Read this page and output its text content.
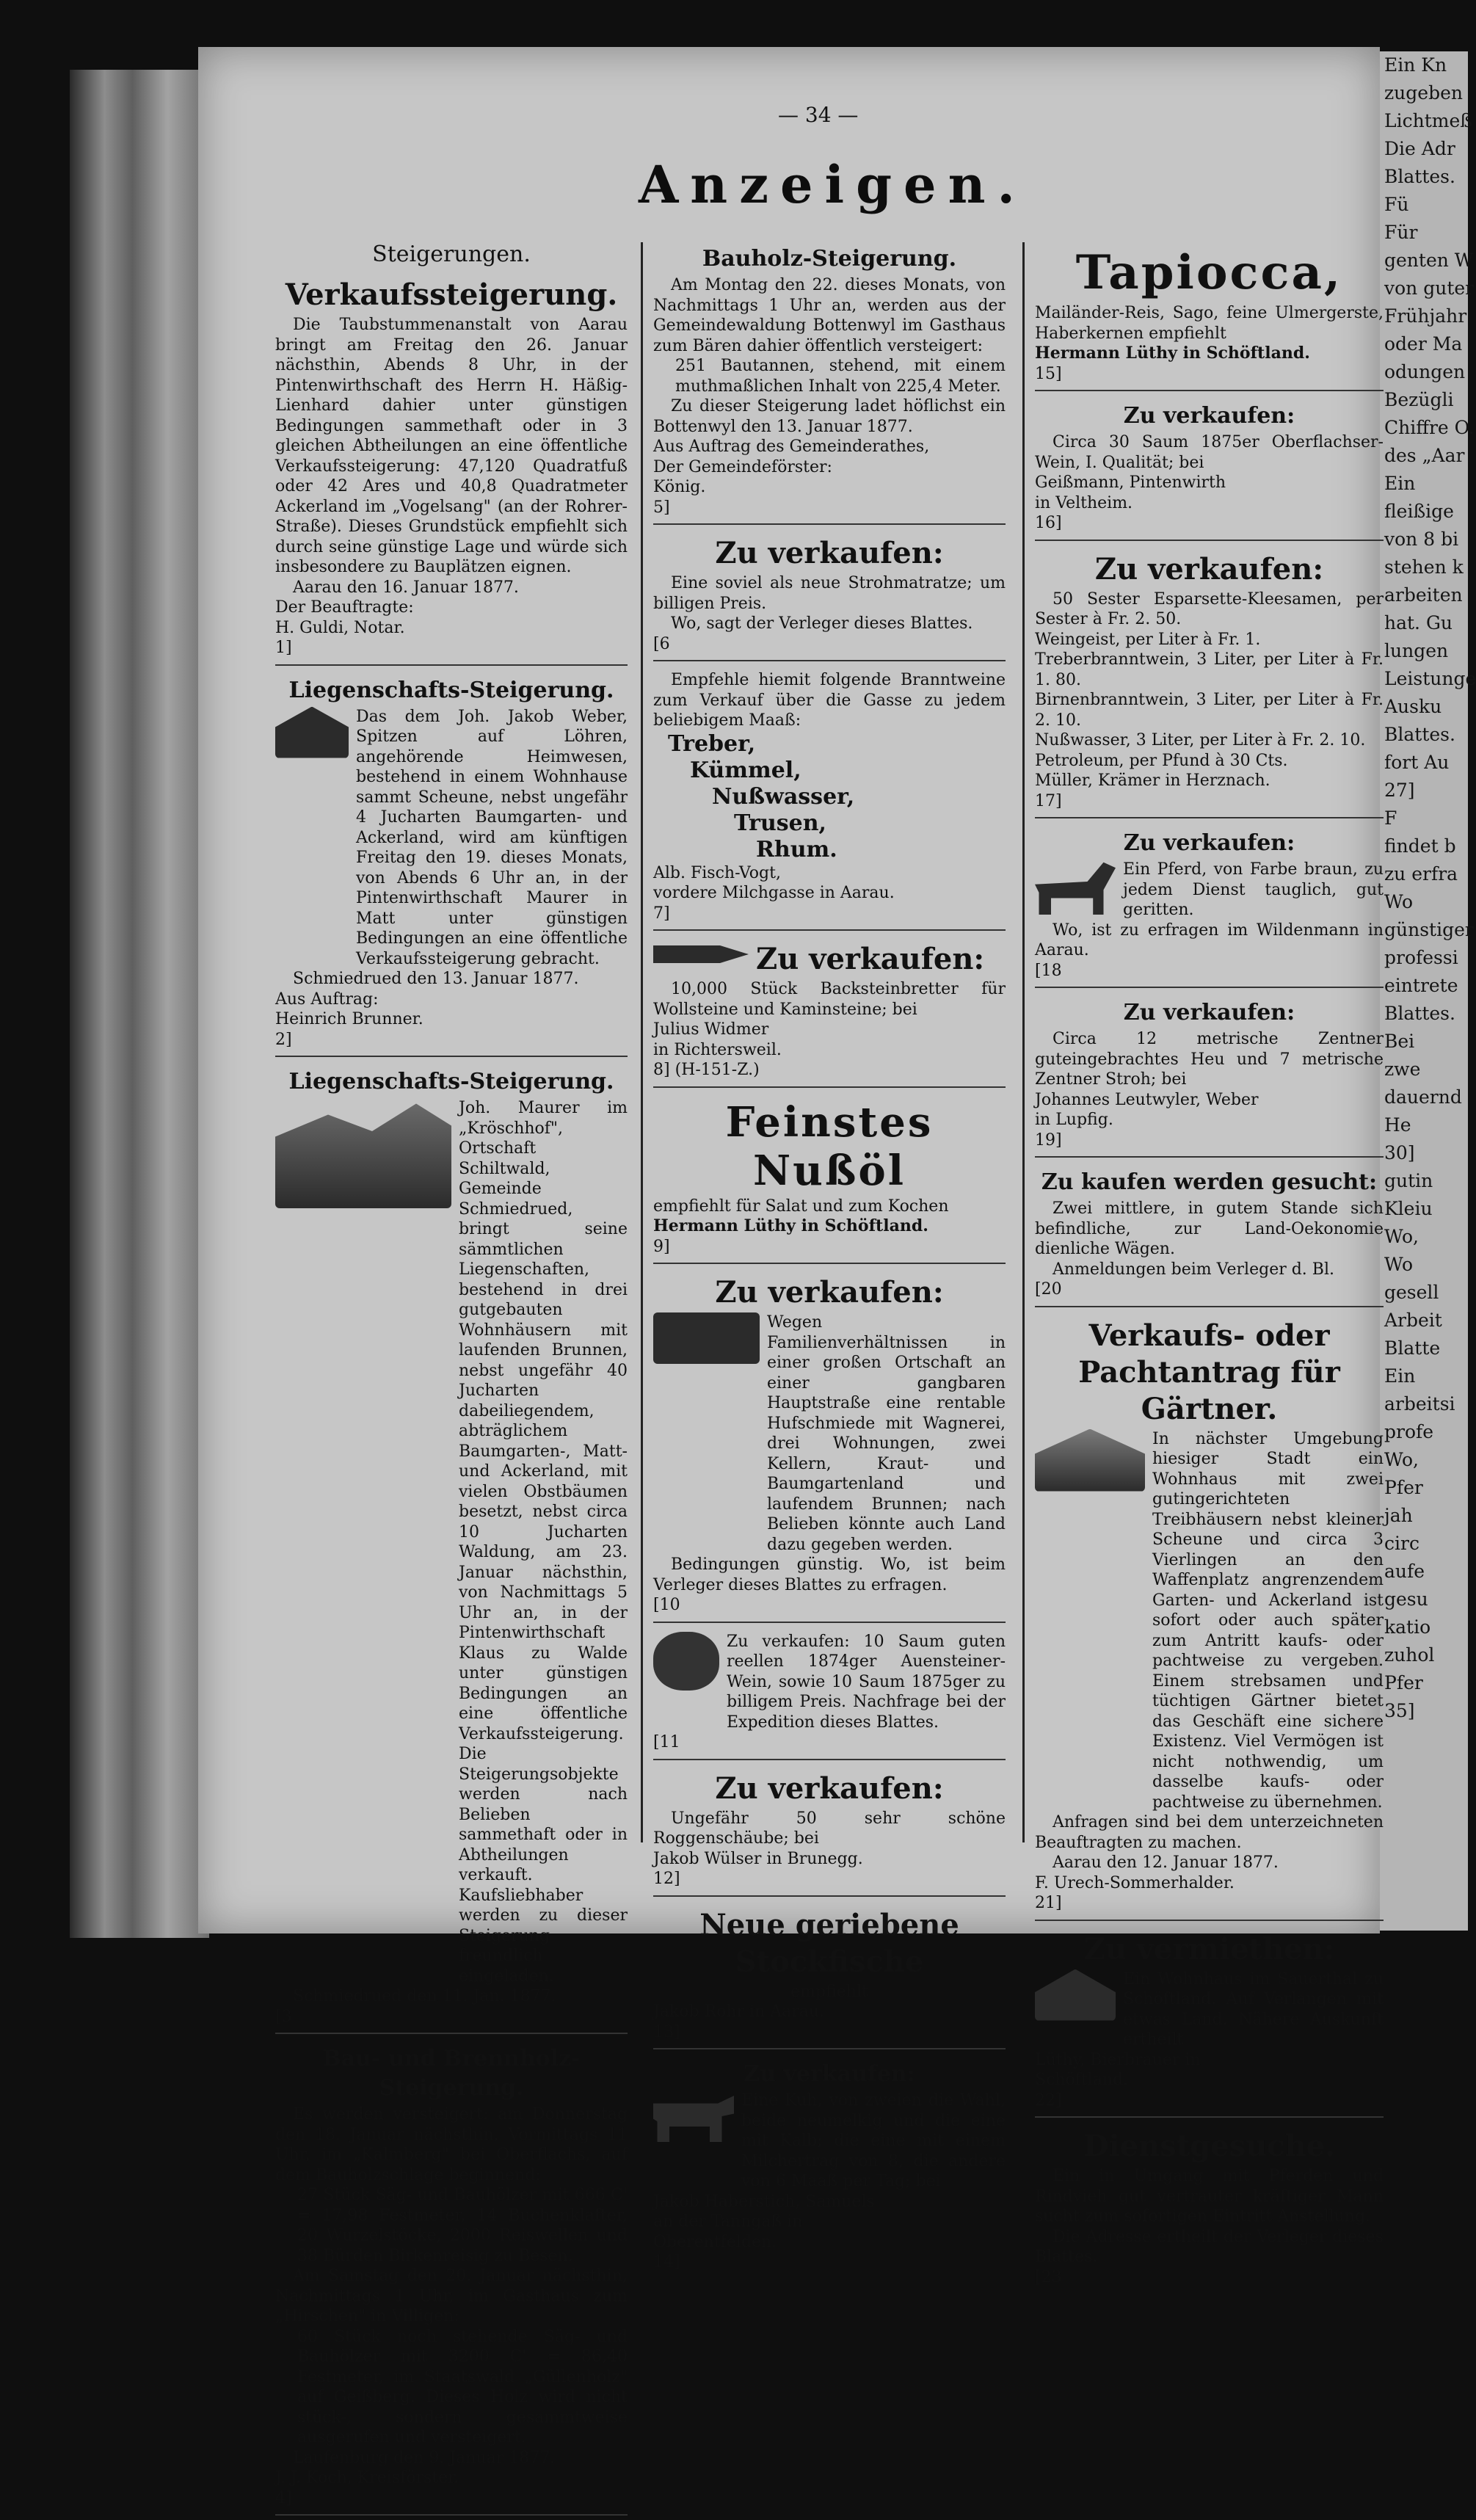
Ein Kn
zugeben
Lichtmeß
Die Adr
Blattes.
Fü
Für
genten W
von guter
Frühjahr
oder Ma
odungen
Bezügli
Chiffre O.
des „Aar
Ein
fleißige
von 8 bi
stehen k
arbeiten
hat. Gu
lungen
Leistunge
Ausku
Blattes.
fort Au
27]
F
findet b
zu erfra
Wo
günstiger
professi
eintrete
Blattes.
Bei
zwe
dauernd
He
30]
gutin
Kleiu
Wo,
Wo
gesell
Arbeit
Blatte
Ein
arbeitsi
profe
Wo,
Pfer
jah
circ
aufe
gesu
katio
zuhol
Pfer
35]
— 34 —
Anzeigen.
Steigerungen.
Verkaufssteigerung.

Die Taubstummenanstalt von Aarau bringt am Freitag den 26. Januar nächsthin, Abends 8 Uhr, in der Pintenwirthschaft des Herrn H. Häßig-Lienhard dahier unter günstigen Bedingungen sammethaft oder in 3 gleichen Abtheilungen an eine öffentliche Verkaufssteigerung: 47,120 Quadratfuß oder 42 Ares und 40,8 Quadratmeter Ackerland im „Vogelsang" (an der Rohrer-Straße). Dieses Grundstück empfiehlt sich durch seine günstige Lage und würde sich insbesondere zu Bauplätzen eignen.

Aarau den 16. Januar 1877.

Der Beauftragte:

H. Guldi, Notar.

1]
Liegenschafts-Steigerung.

Das dem Joh. Jakob Weber, Spitzen auf Löhren, angehörende Heimwesen, bestehend in einem Wohnhause sammt Scheune, nebst ungefähr 4 Jucharten Baumgarten- und Ackerland, wird am künftigen Freitag den 19. dieses Monats, von Abends 6 Uhr an, in der Pintenwirthschaft Maurer in Matt unter günstigen Bedingungen an eine öffentliche Verkaufssteigerung gebracht.

Schmiedrued den 13. Januar 1877.

Aus Auftrag:

Heinrich Brunner.

2]
Liegenschafts-Steigerung.

Joh. Maurer im „Kröschhof", Ortschaft Schiltwald, Gemeinde Schmiedrued, bringt seine sämmtlichen Liegenschaften, bestehend in drei gutgebauten Wohnhäusern mit laufenden Brunnen, nebst ungefähr 40 Jucharten dabeiliegendem, abträglichem Baumgarten-, Matt- und Ackerland, mit vielen Obstbäumen besetzt, nebst circa 10 Jucharten Waldung, am 23. Januar nächsthin, von Nachmittags 5 Uhr an, in der Pintenwirthschaft Klaus zu Walde unter günstigen Bedingungen an eine öffentliche Verkaufssteigerung. Die Steigerungsobjekte werden nach Belieben sammethaft oder in Abtheilungen verkauft. Kaufsliebhaber werden zu dieser Steigerung freundlich eingeladen.

Schmiedrued den 11. Jan. 1877.

[3
Bau- und Brennholz-Steigerung.

Es werden versteigert: am Donnerstag den 18. Januar nächsthin, Vormittags 11 Uhr, im „Kalmberg" bei Oberflachs, auf dem Bauholzschlage beginnend:

27 Stück Säg- und Bauhölzer mit 666 C' = 17,98 Festmeter, 14 Buchenklafter, 20 Wurzelstöcke, 2000 Reiswellen und 38 Bürden Birkenreisig zu Besen.

Am Samstag den 20. Januar nächsthin, Nachmittags 1 Uhr, im Gasthaus zum „Hirschen" in Villigen:

60 Stück noch stehende Säg- und Bauhölzer mit 3200 C' = 86,40 Festmeter, im Staatswald „Güllenholz" auf Geißberg. Dieses Holz wird nicht stück-, sondern gesammtweise ausgerufen und versteigert.

Laufenburg den 9. Januar 1877.

J. J. Koch, Kreisförster.

4]
Bauholz-Steigerung.

Am Montag den 22. dieses Monats, von Nachmittags 1 Uhr an, werden aus der Gemeindewaldung Bottenwyl im Gasthaus zum Bären dahier öffentlich versteigert:

251 Bautannen, stehend, mit einem muthmaßlichen Inhalt von 225,4 Meter.

Zu dieser Steigerung ladet höflichst ein Bottenwyl den 13. Januar 1877.

Aus Auftrag des Gemeinderathes,

Der Gemeindeförster:

König.

5]
Zu verkaufen:

Eine soviel als neue Strohmatratze; um billigen Preis.

Wo, sagt der Verleger dieses Blattes.

[6

Empfehle hiemit folgende Branntweine zum Verkauf über die Gasse zu jedem beliebigem Maaß:

Treber,

Kümmel,

Nußwasser,

Trusen,

Rhum.

Alb. Fisch-Vogt,

vordere Milchgasse in Aarau.

7]
Zu verkaufen:

10,000 Stück Backsteinbretter für Wollsteine und Kaminsteine; bei

Julius Widmer

in Richtersweil.

8] (H-151-Z.)
Feinstes Nußöl

empfiehlt für Salat und zum Kochen

Hermann Lüthy in Schöftland.

9]
Zu verkaufen:

Wegen Familienverhältnissen in einer großen Ortschaft an einer gangbaren Hauptstraße eine rentable Hufschmiede mit Wagnerei, drei Wohnungen, zwei Kellern, Kraut- und Baumgartenland und laufendem Brunnen; nach Belieben könnte auch Land dazu gegeben werden.

Bedingungen günstig. Wo, ist beim Verleger dieses Blattes zu erfragen.

[10

Zu verkaufen: 10 Saum guten reellen 1874ger Auensteiner-Wein, sowie 10 Saum 1875ger zu billigem Preis. Nachfrage bei der Expedition dieses Blattes.

[11
Zu verkaufen:

Ungefähr 50 sehr schöne Roggenschäube; bei

Jakob Wülser in Brunegg.

12]
Neue geriebene Stockfische

empfiehlt

Jakob Rohr in Aarau.

13]
Zu verkaufen:

Eine Kuh, von zweien die Wahl, beide neumelkig und die eine mit Kalb; die eine mit einem Milchertrag von 8, die andere von 6 Maaß per Tag; bei

Jakob Haberstich, Samuels

an der Tanngaß in

Oberentfelden.

14]
Tapiocca,

Mailänder-Reis, Sago, feine Ulmergerste, Haberkernen empfiehlt

Hermann Lüthy in Schöftland.

15]
Zu verkaufen:

Circa 30 Saum 1875er Oberflachser-Wein, I. Qualität; bei

Geißmann, Pintenwirth

in Veltheim.

16]
Zu verkaufen:

50 Sester Esparsette-Kleesamen, per Sester à Fr. 2. 50.

Weingeist, per Liter à Fr. 1.

Treberbranntwein, 3 Liter, per Liter à Fr. 1. 80.

Birnenbranntwein, 3 Liter, per Liter à Fr. 2. 10.

Nußwasser, 3 Liter, per Liter à Fr. 2. 10.

Petroleum, per Pfund à 30 Cts.

Müller, Krämer in Herznach.

17]
Zu verkaufen:

Ein Pferd, von Farbe braun, zu jedem Dienst tauglich, gut geritten.

Wo, ist zu erfragen im Wildenmann in Aarau.

[18
Zu verkaufen:

Circa 12 metrische Zentner guteingebrachtes Heu und 7 metrische Zentner Stroh; bei

Johannes Leutwyler, Weber

in Lupfig.

19]
Zu kaufen werden gesucht:

Zwei mittlere, in gutem Stande sich befindliche, zur Land-Oekonomie dienliche Wägen.

Anmeldungen beim Verleger d. Bl.

[20
Verkaufs- oder Pachtantrag für Gärtner.

In nächster Umgebung hiesiger Stadt ein Wohnhaus mit zwei gutingerichteten Treibhäusern nebst kleiner Scheune und circa 3 Vierlingen an den Waffenplatz angrenzendem Garten- und Ackerland ist sofort oder auch später zum Antritt kaufs- oder pachtweise zu vergeben. Einem strebsamen und tüchtigen Gärtner bietet das Geschäft eine sichere Existenz. Viel Vermögen ist nicht nothwendig, um dasselbe kaufs- oder pachtweise zu übernehmen.

Anfragen sind bei dem unterzeichneten Beauftragten zu machen.

Aarau den 12. Januar 1877.

F. Urech-Sommerhalder.

21]
Zu vermiethen:

Ein Wohnhaus im Sauerthal zu Schöftland. Auf Verlangen mit etwas Land. Nähere Auskunft ertheilt

Lüthy, Bierbrauer in

Schöftland.

22]
Dienstgesuche.

Ein in Umgang mit Pferden und Rindvieh gut vertrauter kräftiger Mann sucht zum sofortigen Eintritt Anstellung.

Die Adresse ertheilt der Verleger dieses Blattes.

[23
